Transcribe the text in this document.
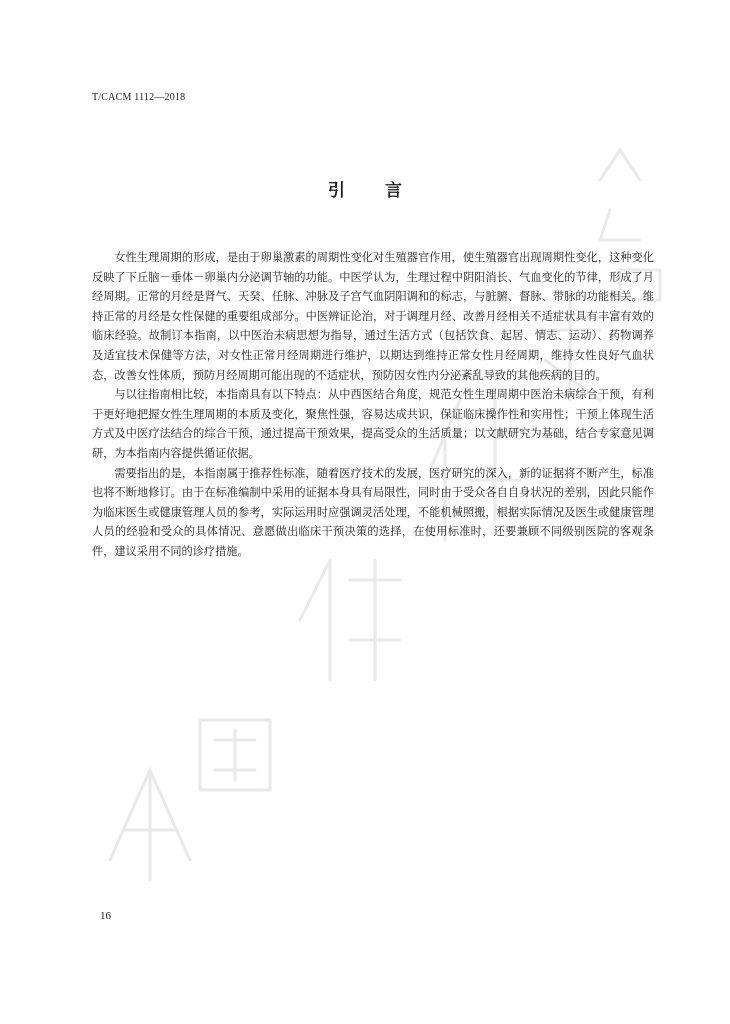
T/CACM 1112—2018
引 言

女性生理周期的形成，是由于卵巢激素的周期性变化对生殖器官作用，使生殖器官出现周期性变化，这种变化反映了下丘脑－垂体－卵巢内分泌调节轴的功能。中医学认为，生理过程中阴阳消长、气血变化的节律，形成了月经周期。正常的月经是肾气、天癸、任脉、冲脉及子宫气血阴阳调和的标志，与脏腑、督脉、带脉的功能相关。维持正常的月经是女性保健的重要组成部分。中医辨证论治，对于调理月经、改善月经相关不适症状具有丰富有效的临床经验。故制订本指南，以中医治未病思想为指导，通过生活方式（包括饮食、起居、情志、运动）、药物调养及适宜技术保健等方法，对女性正常月经周期进行维护，以期达到维持正常女性月经周期，维持女性良好气血状态，改善女性体质，预防月经周期可能出现的不适症状，预防因女性内分泌紊乱导致的其他疾病的目的。

与以往指南相比较，本指南具有以下特点：从中西医结合角度，规范女性生理周期中医治未病综合干预，有利于更好地把握女性生理周期的本质及变化，聚焦性强，容易达成共识，保证临床操作性和实用性；干预上体现生活方式及中医疗法结合的综合干预，通过提高干预效果，提高受众的生活质量；以文献研究为基础，结合专家意见调研，为本指南内容提供循证依据。

需要指出的是，本指南属于推荐性标准，随着医疗技术的发展，医疗研究的深入，新的证据将不断产生，标准也将不断地修订。由于在标准编制中采用的证据本身具有局限性，同时由于受众各自自身状况的差别，因此只能作为临床医生或健康管理人员的参考，实际运用时应强调灵活处理，不能机械照搬，根据实际情况及医生或健康管理人员的经验和受众的具体情况、意愿做出临床干预决策的选择，在使用标准时，还要兼顾不同级别医院的客观条件，建议采用不同的诊疗措施。

16
